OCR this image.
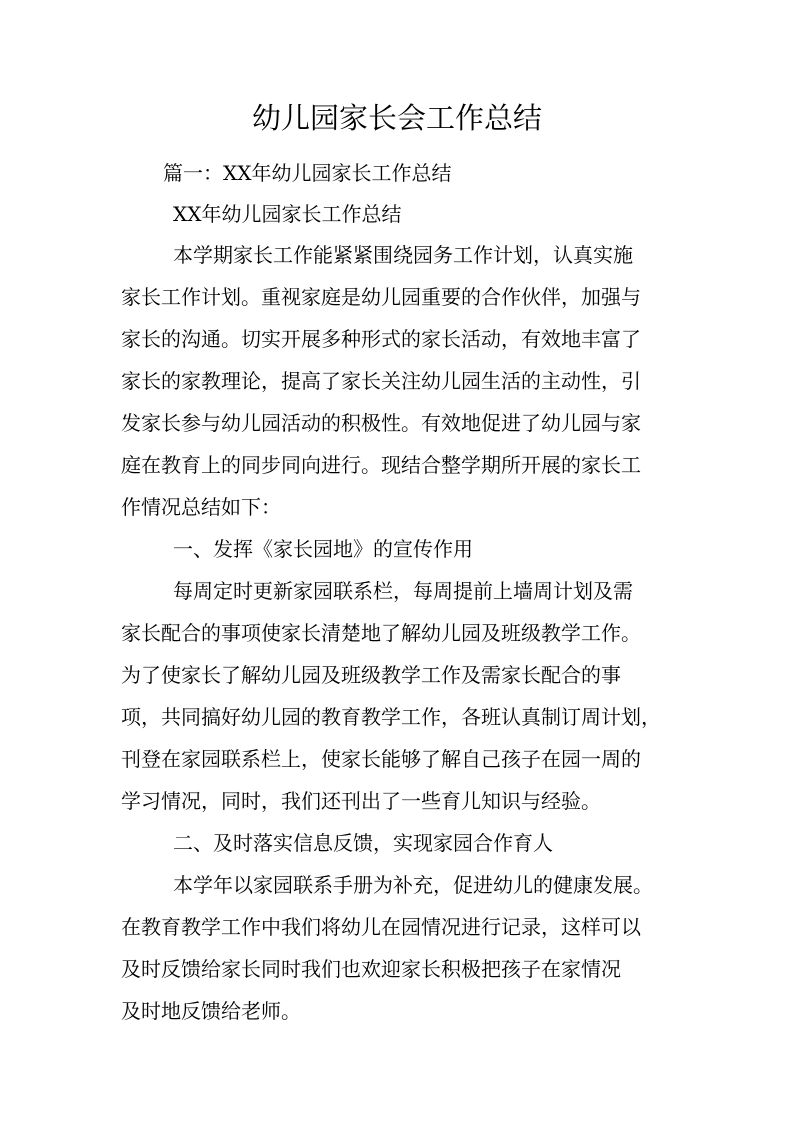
幼儿园家长会工作总结
篇一：XX年幼儿园家长工作总结
XX年幼儿园家长工作总结
本学期家长工作能紧紧围绕园务工作计划，认真实施
家长工作计划。重视家庭是幼儿园重要的合作伙伴，加强与
家长的沟通。切实开展多种形式的家长活动，有效地丰富了
家长的家教理论，提高了家长关注幼儿园生活的主动性，引
发家长参与幼儿园活动的积极性。有效地促进了幼儿园与家
庭在教育上的同步同向进行。现结合整学期所开展的家长工
作情况总结如下：
一、发挥《家长园地》的宣传作用
每周定时更新家园联系栏，每周提前上墙周计划及需
家长配合的事项使家长清楚地了解幼儿园及班级教学工作。
为了使家长了解幼儿园及班级教学工作及需家长配合的事
项，共同搞好幼儿园的教育教学工作，各班认真制订周计划，
刊登在家园联系栏上，使家长能够了解自己孩子在园一周的
学习情况，同时，我们还刊出了一些育儿知识与经验。
二、及时落实信息反馈，实现家园合作育人
本学年以家园联系手册为补充，促进幼儿的健康发展。
在教育教学工作中我们将幼儿在园情况进行记录，这样可以
及时反馈给家长同时我们也欢迎家长积极把孩子在家情况
及时地反馈给老师。
